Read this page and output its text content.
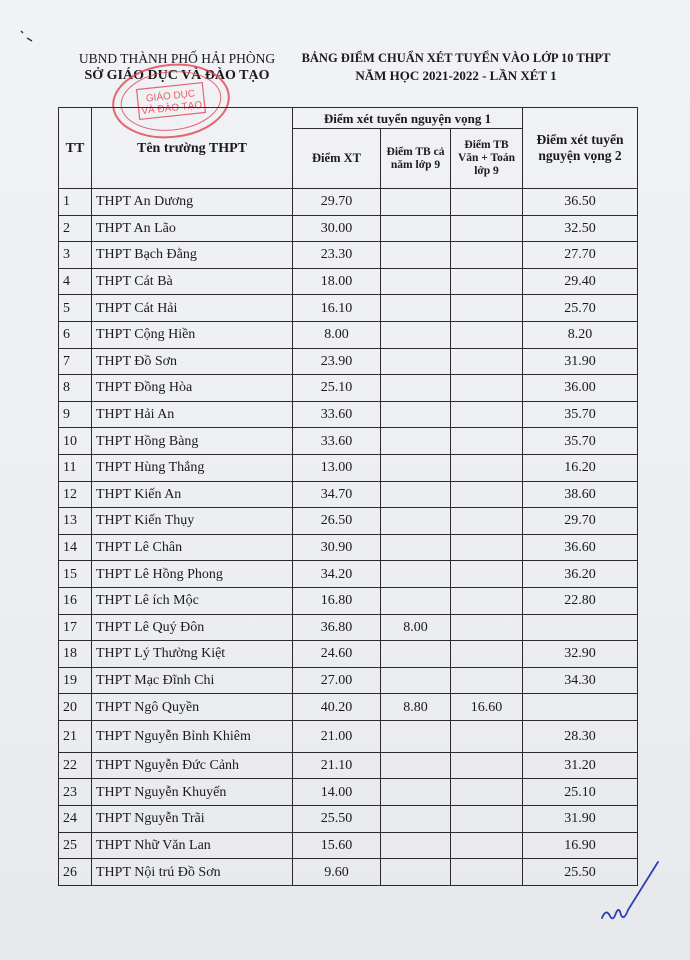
UBND THÀNH PHỐ HẢI PHÒNG
SỞ GIÁO DỤC VÀ ĐÀO TẠO
BẢNG ĐIỂM CHUẨN XÉT TUYỂN VÀO LỚP 10 THPT
NĂM HỌC 2021-2022 - LẦN XÉT 1
GIÁO DỤC
VÀ ĐÀO TẠO
TT	Tên trường THPT	Điểm xét tuyển nguyện vọng 1			Điểm xét tuyển nguyện vọng 2
		Điểm XT	Điểm TB cả năm lớp 9	Điểm TB Văn + Toán lớp 9	
1	THPT An Dương	29.70			36.50
2	THPT An Lão	30.00			32.50
3	THPT Bạch Đằng	23.30			27.70
4	THPT Cát Bà	18.00			29.40
5	THPT Cát Hải	16.10			25.70
6	THPT Cộng Hiền	8.00			8.20
7	THPT Đồ Sơn	23.90			31.90
8	THPT Đồng Hòa	25.10			36.00
9	THPT Hải An	33.60			35.70
10	THPT Hồng Bàng	33.60			35.70
11	THPT Hùng Thắng	13.00			16.20
12	THPT Kiến An	34.70			38.60
13	THPT Kiến Thụy	26.50			29.70
14	THPT Lê Chân	30.90			36.60
15	THPT Lê Hồng Phong	34.20			36.20
16	THPT Lê ích Mộc	16.80			22.80
17	THPT Lê Quý Đôn	36.80	8.00		
18	THPT Lý Thường Kiệt	24.60			32.90
19	THPT Mạc Đĩnh Chi	27.00			34.30
20	THPT Ngô Quyền	40.20	8.80	16.60	
21	THPT Nguyễn Bỉnh Khiêm	21.00			28.30
22	THPT Nguyễn Đức Cảnh	21.10			31.20
23	THPT Nguyễn Khuyến	14.00			25.10
24	THPT Nguyễn Trãi	25.50			31.90
25	THPT Nhữ Văn Lan	15.60			16.90
26	THPT Nội trú Đồ Sơn	9.60			25.50
